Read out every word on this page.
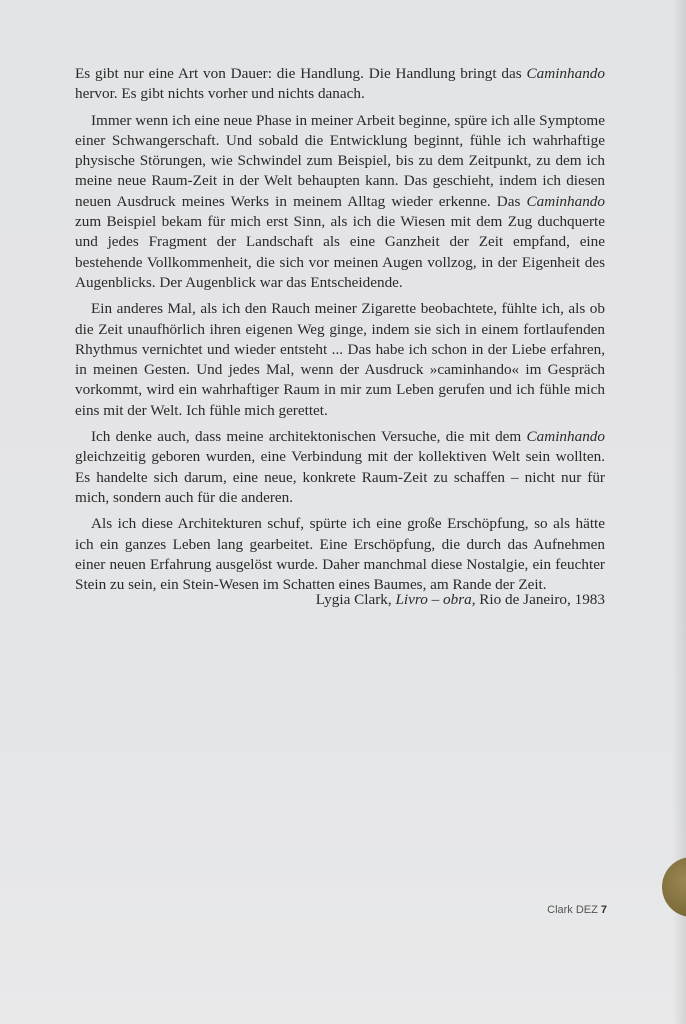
Es gibt nur eine Art von Dauer: die Handlung. Die Handlung bringt das Caminhando hervor. Es gibt nichts vorher und nichts danach.

Immer wenn ich eine neue Phase in meiner Arbeit beginne, spüre ich alle Symptome einer Schwangerschaft. Und sobald die Entwicklung beginnt, fühle ich wahrhaftige physische Störungen, wie Schwindel zum Beispiel, bis zu dem Zeitpunkt, zu dem ich meine neue Raum-Zeit in der Welt behaupten kann. Das geschieht, indem ich diesen neuen Ausdruck meines Werks in meinem Alltag wieder erkenne. Das Caminhando zum Beispiel bekam für mich erst Sinn, als ich die Wiesen mit dem Zug duchquerte und jedes Fragment der Landschaft als eine Ganzheit der Zeit empfand, eine bestehende Vollkommenheit, die sich vor meinen Augen vollzog, in der Eigenheit des Augenblicks. Der Augenblick war das Entscheidende.

Ein anderes Mal, als ich den Rauch meiner Zigarette beobachtete, fühlte ich, als ob die Zeit unaufhörlich ihren eigenen Weg ginge, indem sie sich in einem fortlaufenden Rhythmus vernichtet und wieder entsteht ... Das habe ich schon in der Liebe erfahren, in meinen Gesten. Und jedes Mal, wenn der Ausdruck »caminhando« im Gespräch vorkommt, wird ein wahrhaftiger Raum in mir zum Leben gerufen und ich fühle mich eins mit der Welt. Ich fühle mich gerettet.

Ich denke auch, dass meine architektonischen Versuche, die mit dem Caminhando gleichzeitig geboren wurden, eine Verbindung mit der kollektiven Welt sein wollten. Es handelte sich darum, eine neue, konkrete Raum-Zeit zu schaffen – nicht nur für mich, sondern auch für die anderen.

Als ich diese Architekturen schuf, spürte ich eine große Erschöpfung, so als hätte ich ein ganzes Leben lang gearbeitet. Eine Erschöpfung, die durch das Aufnehmen einer neuen Erfahrung ausgelöst wurde. Daher manchmal diese Nostalgie, ein feuchter Stein zu sein, ein Stein-Wesen im Schatten eines Baumes, am Rande der Zeit.

Lygia Clark, Livro – obra, Rio de Janeiro, 1983
Clark DEZ 7
